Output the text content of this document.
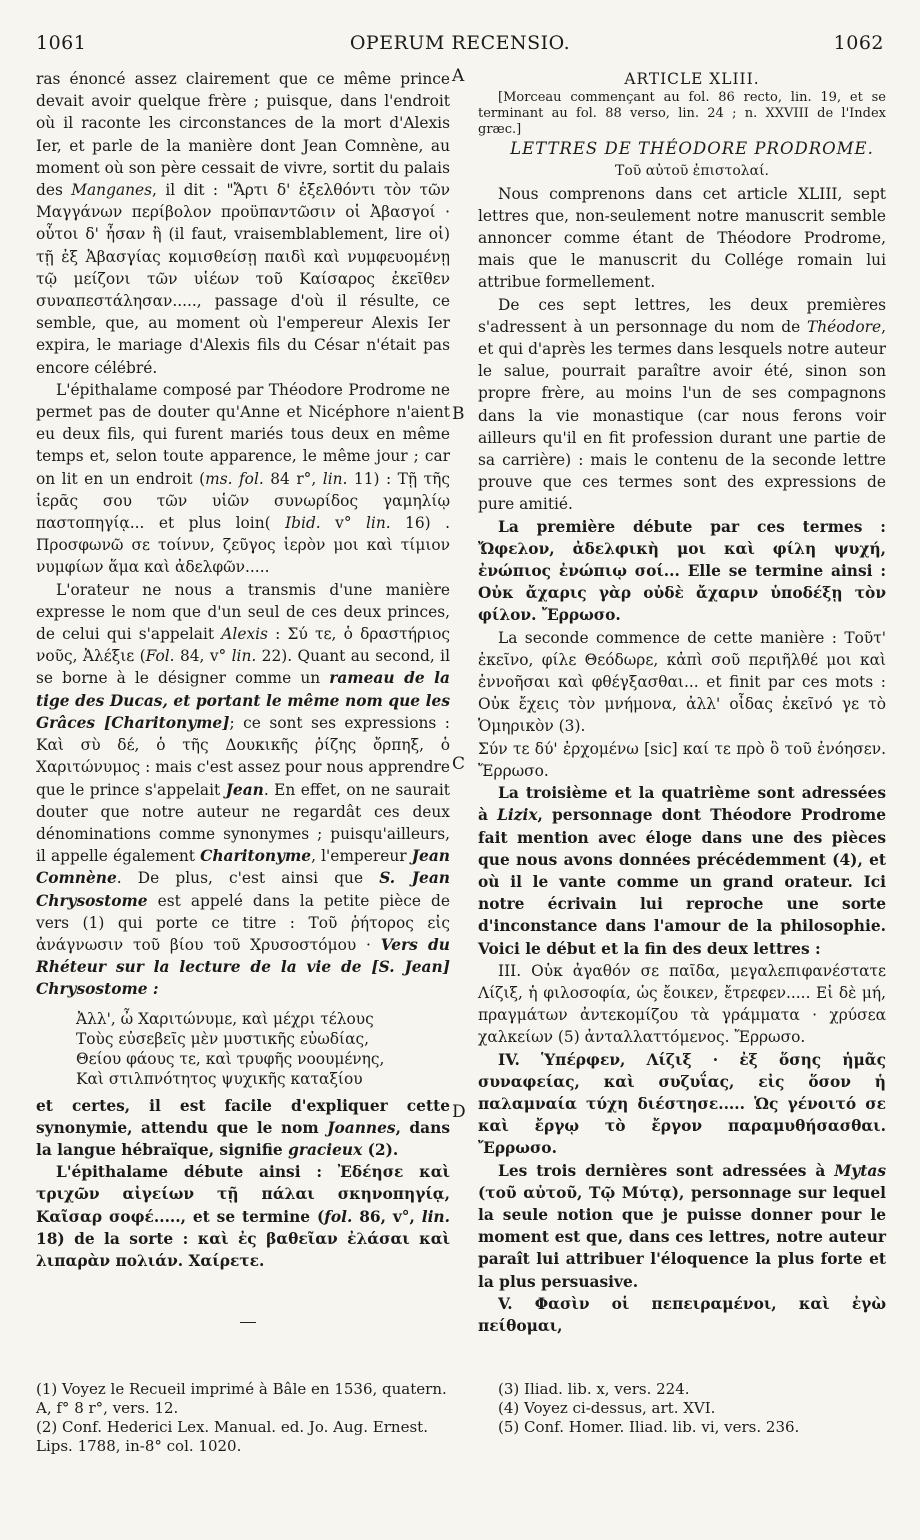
1061	OPERUM RECENSIO.	1062
A
B
C
D

ras énoncé assez clairement que ce même prince devait avoir quelque frère ; puisque, dans l'endroit où il raconte les circonstances de la mort d'Alexis Ier, et parle de la manière dont Jean Comnène, au moment où son père cessait de vivre, sortit du palais des Manganes, il dit : "Ἄρτι δ' ἐξελθόντι τὸν τῶν Μαγγάνων περίβολον προϋπαντῶσιν οἱ Ἀβασγοί · οὗτοι δ' ἦσαν ἢ (il faut, vraisemblablement, lire οἱ) τῇ ἐξ Ἀβασγίας κομισθείσῃ παιδὶ καὶ νυμφευομένῃ τῷ μείζονι τῶν υἱέων τοῦ Καίσαρος ἐκεῖθεν συναπεστάλησαν....., passage d'où il résulte, ce semble, que, au moment où l'empereur Alexis Ier expira, le mariage d'Alexis fils du César n'était pas encore célébré.

L'épithalame composé par Théodore Prodrome ne permet pas de douter qu'Anne et Nicéphore n'aient eu deux fils, qui furent mariés tous deux en même temps et, selon toute apparence, le même jour ; car on lit en un endroit (ms. fol. 84 r°, lin. 11) : Τῇ τῆς ἱερᾶς σου τῶν υἱῶν συνωρίδος γαμηλίῳ παστοπηγίᾳ... et plus loin( Ibid. v° lin. 16) . Προσφωνῶ σε τοίνυν, ζεῦγος ἱερὸν μοι καὶ τίμιον νυμφίων ἅμα καὶ ἀδελφῶν.....

L'orateur ne nous a transmis d'une manière expresse le nom que d'un seul de ces deux princes, de celui qui s'appelait Alexis : Σύ τε, ὁ δραστήριος νοῦς, Ἀλέξιε (Fol. 84, v° lin. 22). Quant au second, il se borne à le désigner comme un rameau de la tige des Ducas, et portant le même nom que les Grâces [Charitonyme]; ce sont ses expressions : Καὶ σὺ δέ, ὁ τῆς Δουκικῆς ῥίζης ὄρπηξ, ὁ Χαριτώνυμος : mais c'est assez pour nous apprendre que le prince s'appelait Jean. En effet, on ne saurait douter que notre auteur ne regardât ces deux dénominations comme synonymes ; puisqu'ailleurs, il appelle également Charitonyme, l'empereur Jean Comnène. De plus, c'est ainsi que S. Jean Chrysostome est appelé dans la petite pièce de vers (1) qui porte ce titre : Τοῦ ῥήτορος εἰς ἀνάγνωσιν τοῦ βίου τοῦ Χρυσοστόμου · Vers du Rhéteur sur la lecture de la vie de [S. Jean] Chrysostome :

Ἀλλ', ὦ Χαριτώνυμε, καὶ μέχρι τέλους
Τοὺς εὐσεβεῖς μὲν μυστικῆς εὐωδίας,
Θείου φάους τε, καὶ τρυφῆς νοουμένης,
Καὶ στιλπνότητος ψυχικῆς καταξίου

et certes, il est facile d'expliquer cette synonymie, attendu que le nom Joannes, dans la langue hébraïque, signifie gracieux (2).

L'épithalame débute ainsi : Ἐδέησε καὶ τριχῶν αἰγείων τῇ πάλαι σκηνοπηγίᾳ, Καῖσαρ σοφέ....., et se termine (fol. 86, v°, lin. 18) de la sorte : καὶ ἐς βαθεῖαν ἐλάσαι καὶ λιπαρὰν πολιάν. Χαίρετε.

ARTICLE XLIII.

[Morceau commençant au fol. 86 recto, lin. 19, et se terminant au fol. 88 verso, lin. 24 ; n. XXVIII de l'Index græc.]

LETTRES DE THÉODORE PRODROME.

Τοῦ αὐτοῦ ἐπιστολαί.

Nous comprenons dans cet article XLIII, sept lettres que, non-seulement notre manuscrit semble annoncer comme étant de Théodore Prodrome, mais que le manuscrit du Collége romain lui attribue formellement.

De ces sept lettres, les deux premières s'adressent à un personnage du nom de Théodore, et qui d'après les termes dans lesquels notre auteur le salue, pourrait paraître avoir été, sinon son propre frère, au moins l'un de ses compagnons dans la vie monastique (car nous ferons voir ailleurs qu'il en fit profession durant une partie de sa carrière) : mais le contenu de la seconde lettre prouve que ces termes sont des expressions de pure amitié.

La première débute par ces termes : Ὤφελον, ἀδελφικὴ μοι καὶ φίλη ψυχή, ἐνώπιος ἐνώπιῳ σοί... Elle se termine ainsi : Οὐκ ἄχαρις γὰρ οὐδὲ ἄχαριν ὑποδέξῃ τὸν φίλον. Ἔρρωσο.

La seconde commence de cette manière : Τοῦτ' ἐκεῖνο, φίλε Θεόδωρε, κἀπὶ σοῦ περιῆλθέ μοι καὶ ἐννοῆσαι καὶ φθέγξασθαι... et finit par ces mots : Οὐκ ἔχεις τὸν μνήμονα, ἀλλ' οἶδας ἐκεῖνό γε τὸ Ὁμηρικὸν (3).

Σύν τε δύ' ἐρχομένω [sic] καί τε πρὸ ὃ τοῦ ἐνόησεν. Ἔρρωσο.

La troisième et la quatrième sont adressées à Lizix, personnage dont Théodore Prodrome fait mention avec éloge dans une des pièces que nous avons données précédemment (4), et où il le vante comme un grand orateur. Ici notre écrivain lui reproche une sorte d'inconstance dans l'amour de la philosophie. Voici le début et la fin des deux lettres :

III. Οὐκ ἀγαθόν σε παῖδα, μεγαλεπιφανέστατε Λίζιξ, ἡ φιλοσοφία, ὡς ἔοικεν, ἔτρεφεν..... Εἰ δὲ μή, πραγμάτων ἀντεκομίζου τὰ γράμματα · χρύσεα χαλκείων (5) ἀνταλλαττόμενος. Ἔρρωσο.

IV. Ὑπέρφεν, Λίζιξ · ἐξ ὅσης ἡμᾶς συναφείας, καὶ συζυΐας, εἰς ὅσον ἡ παλαμναία τύχη διέστησε..... Ὡς γένοιτό σε καὶ ἔργῳ τὸ ἔργον παραμυθήσασθαι. Ἔρρωσο.

Les trois dernières sont adressées à Mytas (τοῦ αὐτοῦ, Τῷ Μύτᾳ), personnage sur lequel la seule notion que je puisse donner pour le moment est que, dans ces lettres, notre auteur paraît lui attribuer l'éloquence la plus forte et la plus persuasive.

V. Φασὶν οἱ πεπειραμένοι, καὶ ἐγὼ πείθομαι,

(1) Voyez le Recueil imprimé à Bâle en 1536, quatern. A, f° 8 r°, vers. 12.
(2) Conf. Hederici Lex. Manual. ed. Jo. Aug. Ernest. Lips. 1788, in-8° col. 1020.
(3) Iliad. lib. x, vers. 224.
(4) Voyez ci-dessus, art. XVI.
(5) Conf. Homer. Iliad. lib. vi, vers. 236.
